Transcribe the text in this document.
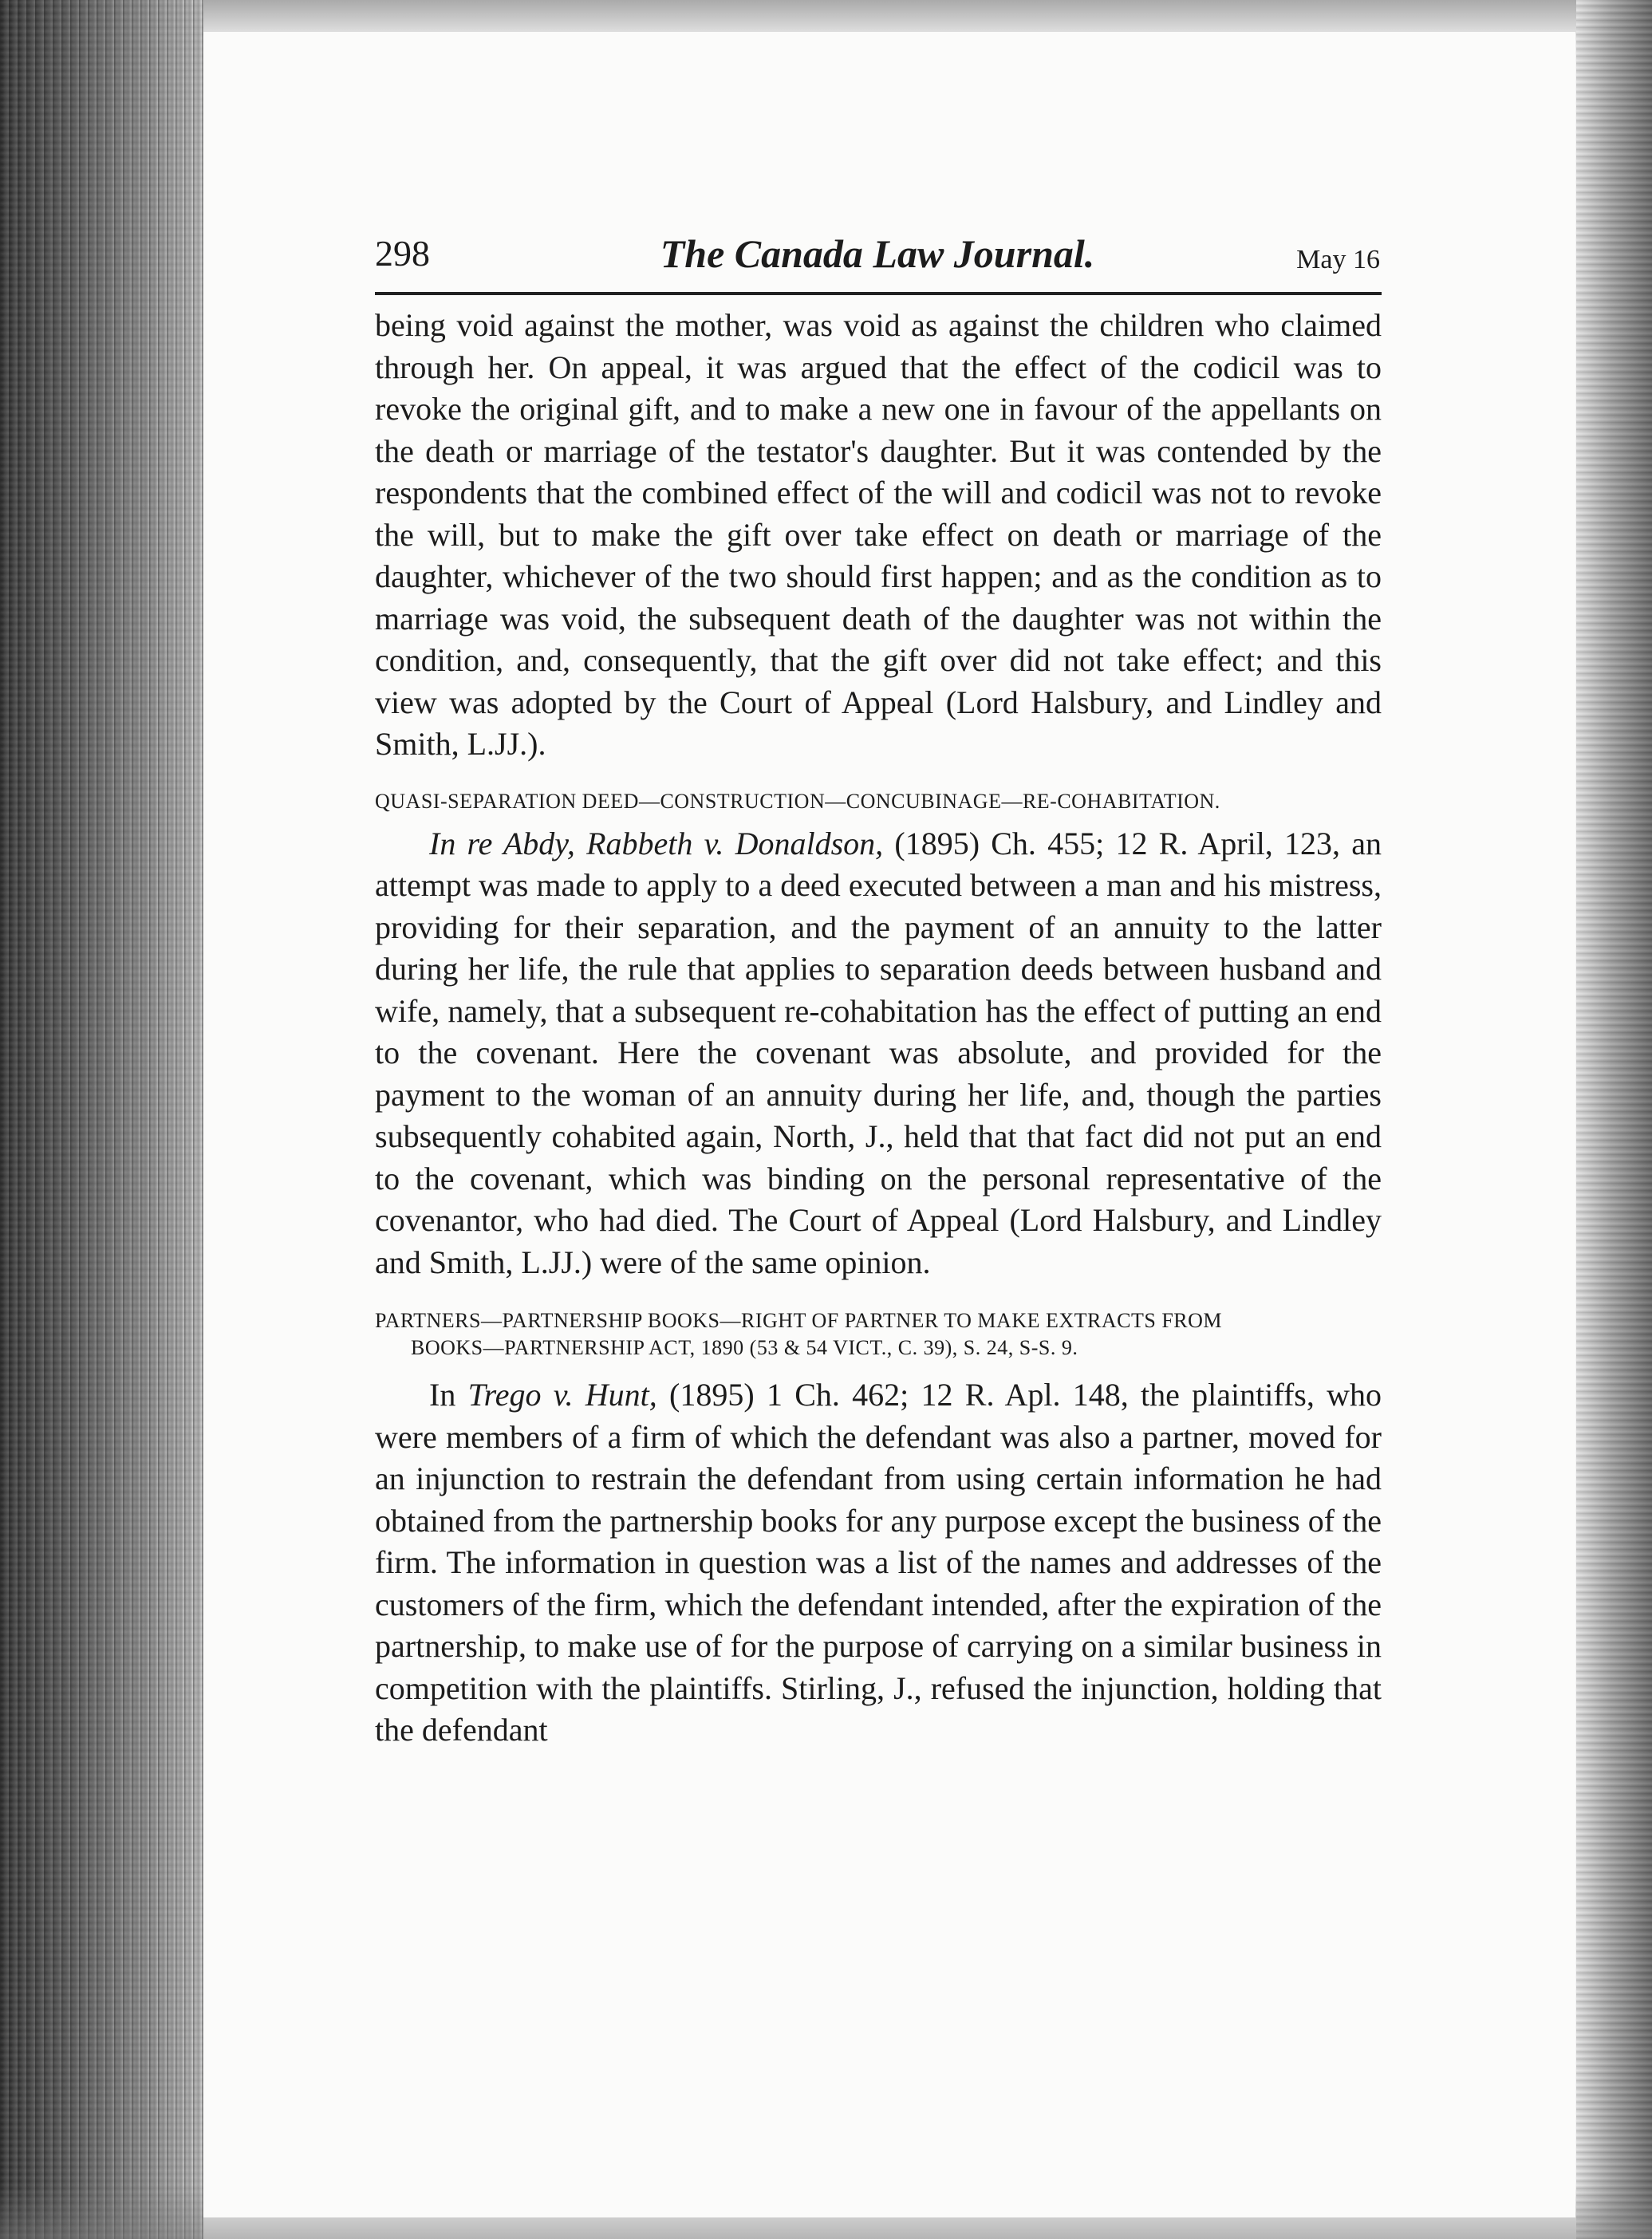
298	The Canada Law Journal.	May 16

being void against the mother, was void as against the children who claimed through her. On appeal, it was argued that the effect of the codicil was to revoke the original gift, and to make a new one in favour of the appellants on the death or marriage of the testator's daughter. But it was contended by the respondents that the combined effect of the will and codicil was not to revoke the will, but to make the gift over take effect on death or marriage of the daughter, whichever of the two should first happen; and as the condition as to marriage was void, the subsequent death of the daughter was not within the condition, and, consequently, that the gift over did not take effect; and this view was adopted by the Court of Appeal (Lord Halsbury, and Lindley and Smith, L.JJ.).

QUASI-SEPARATION DEED—CONSTRUCTION—CONCUBINAGE—RE-COHABITATION.

In re Abdy, Rabbeth v. Donaldson, (1895) Ch. 455; 12 R. April, 123, an attempt was made to apply to a deed executed between a man and his mistress, providing for their separation, and the payment of an annuity to the latter during her life, the rule that applies to separation deeds between husband and wife, namely, that a subsequent re-cohabitation has the effect of putting an end to the covenant. Here the covenant was absolute, and provided for the payment to the woman of an annuity during her life, and, though the parties subsequently cohabited again, North, J., held that that fact did not put an end to the covenant, which was binding on the personal representative of the covenantor, who had died. The Court of Appeal (Lord Halsbury, and Lindley and Smith, L.JJ.) were of the same opinion.

PARTNERS—PARTNERSHIP BOOKS—RIGHT OF PARTNER TO MAKE EXTRACTS FROM
BOOKS—PARTNERSHIP ACT, 1890 (53 & 54 VICT., C. 39), S. 24, S-S. 9.

In Trego v. Hunt, (1895) 1 Ch. 462; 12 R. Apl. 148, the plaintiffs, who were members of a firm of which the defendant was also a partner, moved for an injunction to restrain the defendant from using certain information he had obtained from the partnership books for any purpose except the business of the firm. The information in question was a list of the names and addresses of the customers of the firm, which the defendant intended, after the expiration of the partnership, to make use of for the purpose of carrying on a similar business in competition with the plaintiffs. Stirling, J., refused the injunction, holding that the defendant
